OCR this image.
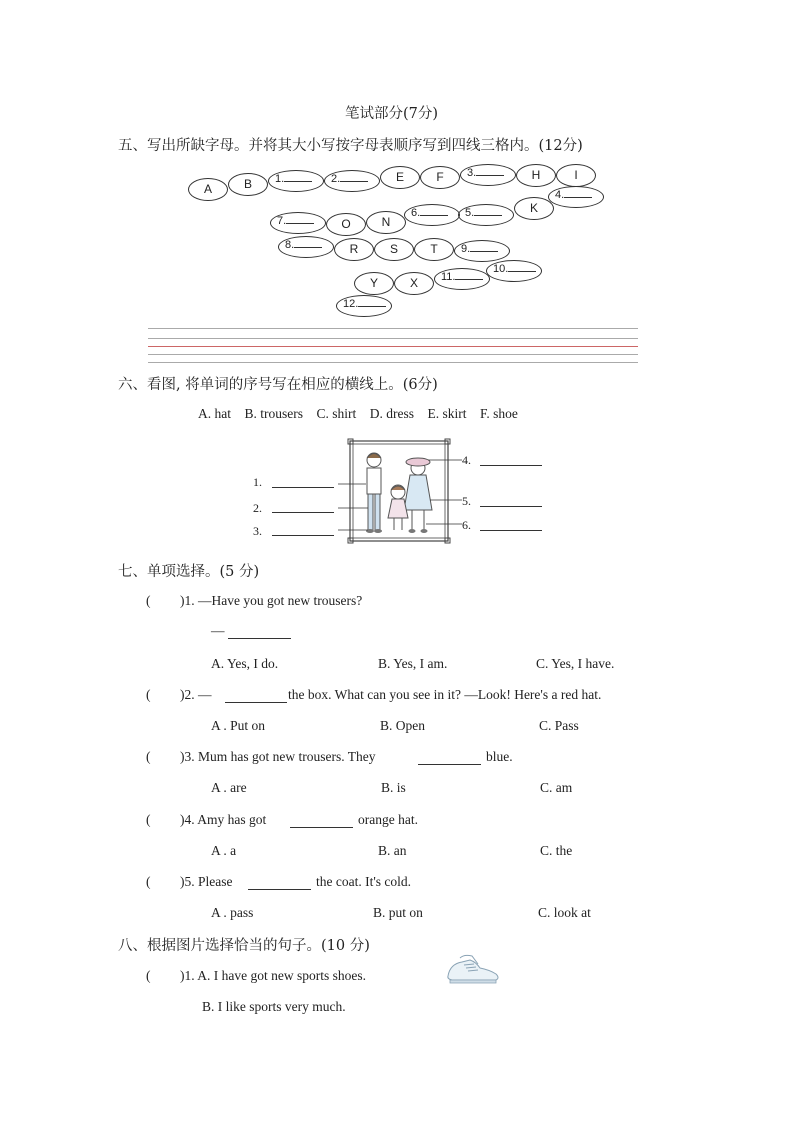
笔试部分(7分)
五、写出所缺字母。并将其大小写按字母表顺序写到四线三格内。(12分)
A	B	1.	2.	E	F	3.	H	I
4.
K
5.
6.
N
O
7.
8.	R	S	T	9.
10.
11.
X
Y
12.
六、看图, 将单词的序号写在相应的横线上。(6分)
A. hat    B. trousers    C. shirt    D. dress    E. skirt    F. shoe
1.
2.
3.
4.
5.
6.
七、单项选择。(5 分)
( )1. —Have you got new trousers?
—
A. Yes, I do.	B. Yes, I am.	C. Yes, I have.
( )2. —	the box. What can you see in it? —Look! Here's a red hat.
A . Put on	B. Open	C. Pass
( )3. Mum has got new trousers. They	blue.
A . are	B. is	C. am
( )4. Amy has got	orange hat.
A . a	B. an	C. the
( )5. Please	the coat. It's cold.
A . pass	B. put on	C. look at
八、根据图片选择恰当的句子。(10 分)
( )1. A. I have got new sports shoes.
B. I like sports very much.
